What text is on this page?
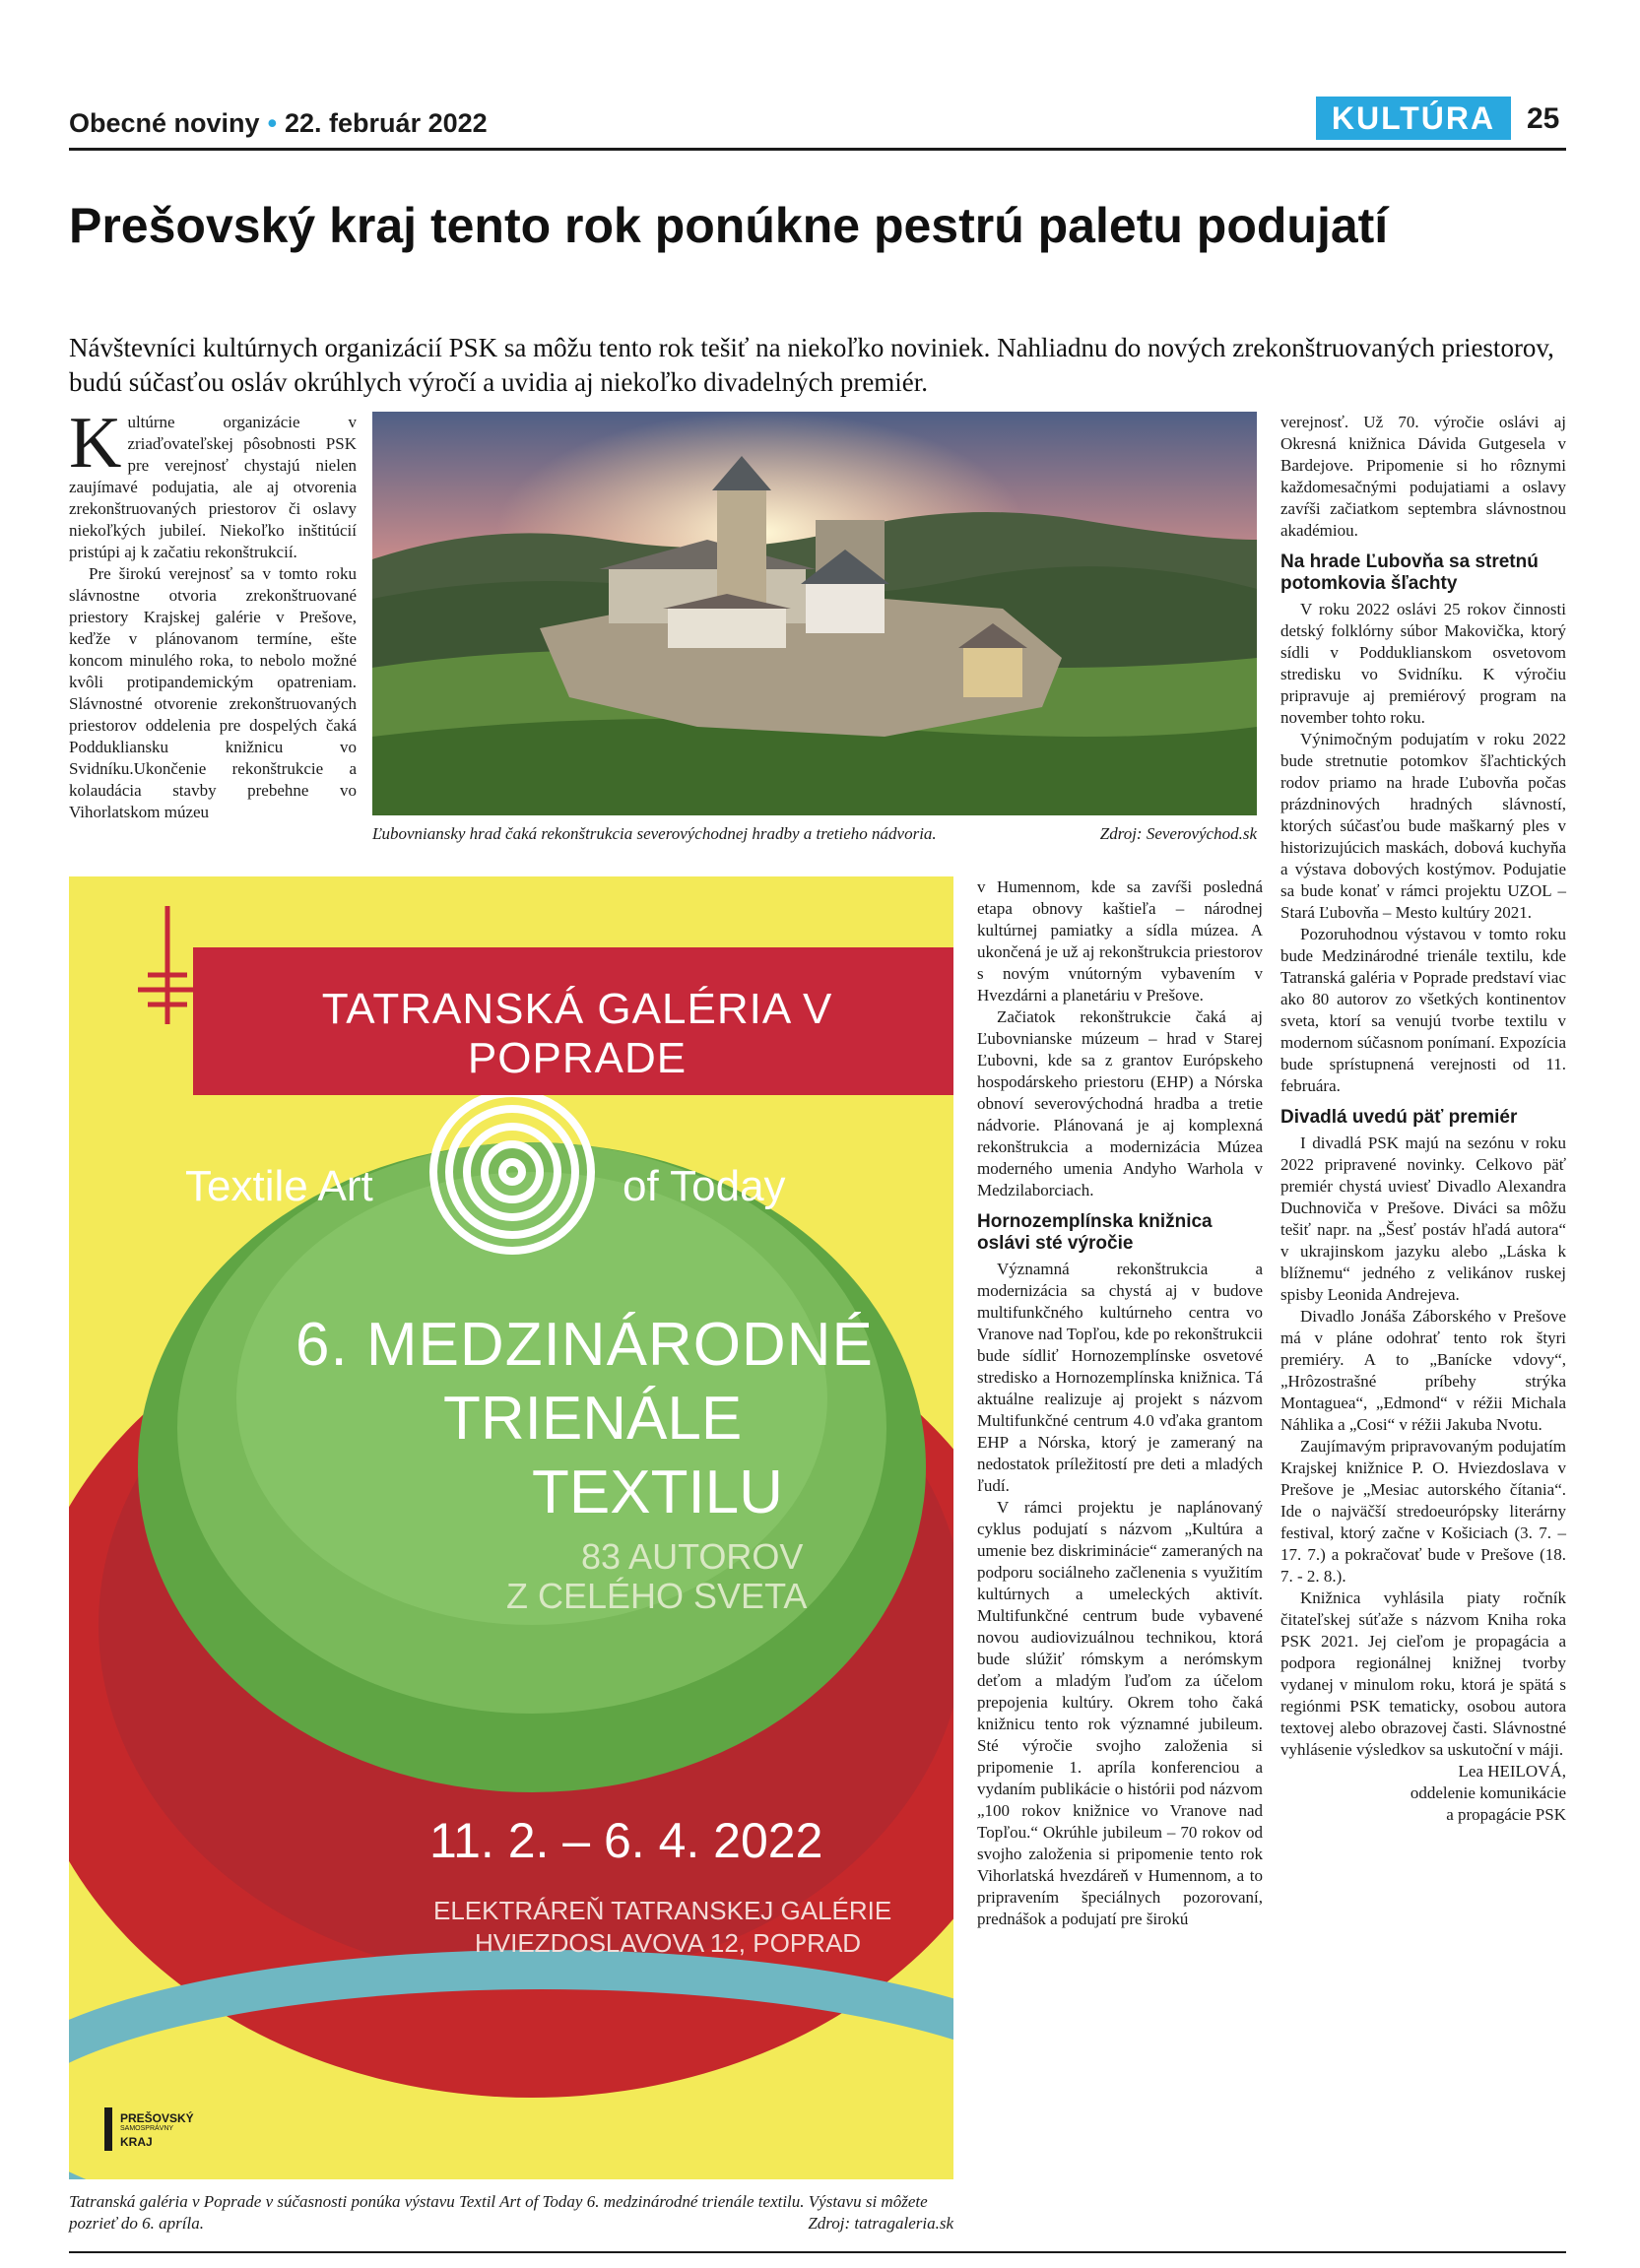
Obecné noviny • 22. február 2022	KULTÚRA	25
Prešovský kraj tento rok ponúkne pestrú paletu podujatí
Návštevníci kultúrnych organizácií PSK sa môžu tento rok tešiť na niekoľko noviniek. Nahliadnu do nových zrekonštruovaných priestorov, budú súčasťou osláv okrúhlych výročí a uvidia aj niekoľko divadelných premiér.

Kultúrne organizácie v zriaďovateľskej pôsobnosti PSK pre verejnosť chystajú nielen zaujímavé podujatia, ale aj otvorenia zrekonštruovaných priestorov či oslavy niekoľkých jubileí. Niekoľko inštitúcií pristúpi aj k začatiu rekonštrukcií.

Pre širokú verejnosť sa v tomto roku slávnostne otvoria zrekonštruované priestory Krajskej galérie v Prešove, keďže v plánovanom termíne, ešte koncom minulého roka, to nebolo možné kvôli protipandemickým opatreniam. Slávnostné otvorenie zrekonštruovaných priestorov oddelenia pre dospelých čaká Poddukliansku knižnicu vo Svidníku.Ukončenie rekonštrukcie a kolaudácia stavby prebehne vo Vihorlatskom múzeu

Ľubovniansky hrad čaká rekonštrukcia severovýchodnej hradby a tretieho nádvoria.	Zdroj: Severovýchod.sk

verejnosť. Už 70. výročie oslávi aj Okresná knižnica Dávida Gutgesela v Bardejove. Pripomenie si ho rôznymi každomesačnými podujatiami a oslavy zavŕši začiatkom septembra slávnostnou akadémiou.

Na hrade Ľubovňa sa stretnú potomkovia šľachty

V roku 2022 oslávi 25 rokov činnosti detský folklórny súbor Makovička, ktorý sídli v Podduklianskom osvetovom stredisku vo Svidníku. K výročiu pripravuje aj premiérový program na november tohto roku.

Výnimočným podujatím v roku 2022 bude stretnutie potomkov šľachtických rodov priamo na hrade Ľubovňa počas prázdninových hradných slávností, ktorých súčasťou bude maškarný ples v historizujúcich maskách, dobová kuchyňa a výstava dobových kostýmov. Podujatie sa bude konať v rámci projektu UZOL – Stará Ľubovňa – Mesto kultúry 2021.

Pozoruhodnou výstavou v tomto roku bude Medzinárodné trienále textilu, kde Tatranská galéria v Poprade predstaví viac ako 80 autorov zo všetkých kontinentov sveta, ktorí sa venujú tvorbe textilu v modernom súčasnom ponímaní. Expozícia bude sprístupnená verejnosti od 11. februára.

Divadlá uvedú päť premiér

I divadlá PSK majú na sezónu v roku 2022 pripravené novinky. Celkovo päť premiér chystá uviesť Divadlo Alexandra Duchnoviča v Prešove. Diváci sa môžu tešiť napr. na „Šesť postáv hľadá autora“ v ukrajinskom jazyku alebo „Láska k blížnemu“ jedného z velikánov ruskej spisby Leonida Andrejeva.

Divadlo Jonáša Záborského v Prešove má v pláne odohrať tento rok štyri premiéry. A to „Banícke vdovy“, „Hrôzostrašné príbehy strýka Montaguea“, „Edmond“ v réžii Michala Náhlika a „Cosi“ v réžii Jakuba Nvotu.

Zaujímavým pripravovaným podujatím Krajskej knižnice P. O. Hviezdoslava v Prešove je „Mesiac autorského čítania“. Ide o najväčší stredoeurópsky literárny festival, ktorý začne v Košiciach (3. 7. – 17. 7.) a pokračovať bude v Prešove (18. 7. - 2. 8.).

Knižnica vyhlásila piaty ročník čitateľskej súťaže s názvom Kniha roka PSK 2021. Jej cieľom je propagácia a podpora regionálnej knižnej tvorby vydanej v minulom roku, ktorá je spätá s regiónmi PSK tematicky, osobou autora textovej alebo obrazovej časti. Slávnostné vyhlásenie výsledkov sa uskutoční v máji.

Lea HEILOVÁ,

oddelenie komunikácie

a propagácie PSK

TATRANSKÁ GALÉRIA V POPRADE
Textile Art	of Today
6. MEDZINÁRODNÉ
TRIENÁLE
TEXTILU
83 AUTOROV
Z CELÉHO SVETA
11. 2. – 6. 4. 2022
ELEKTRÁREŇ TATRANSKEJ GALÉRIE
HVIEZDOSLAVOVA 12, POPRAD
PREŠOVSKÝ
SAMOSPRÁVNY
KRAJ
Tatranská galéria v Poprade v súčasnosti ponúka výstavu Textil Art of Today 6. medzinárodné trienále textilu. Výstavu si môžete pozrieť do 6. apríla.	Zdroj: tatragaleria.sk

v Humennom, kde sa zavŕši posledná etapa obnovy kaštieľa – národnej kultúrnej pamiatky a sídla múzea. A ukončená je už aj rekonštrukcia priestorov s novým vnútorným vybavením v Hvezdárni a planetáriu v Prešove.

Začiatok rekonštrukcie čaká aj Ľubovnianske múzeum – hrad v Starej Ľubovni, kde sa z grantov Európskeho hospodárskeho priestoru (EHP) a Nórska obnoví severovýchodná hradba a tretie nádvorie. Plánovaná je aj komplexná rekonštrukcia a modernizácia Múzea moderného umenia Andyho Warhola v Medzilaborciach.

Hornozemplínska knižnica oslávi sté výročie

Významná rekonštrukcia a modernizácia sa chystá aj v budove multifunkčného kultúrneho centra vo Vranove nad Topľou, kde po rekonštrukcii bude sídliť Hornozemplínske osvetové stredisko a Hornozemplínska knižnica. Tá aktuálne realizuje aj projekt s názvom Multifunkčné centrum 4.0 vďaka grantom EHP a Nórska, ktorý je zameraný na nedostatok príležitostí pre deti a mladých ľudí.

V rámci projektu je naplánovaný cyklus podujatí s názvom „Kultúra a umenie bez diskriminácie“ zameraných na podporu sociálneho začlenenia s využitím kultúrnych a umeleckých aktivít. Multifunkčné centrum bude vybavené novou audiovizuálnou technikou, ktorá bude slúžiť rómskym a nerómskym deťom a mladým ľuďom za účelom prepojenia kultúry. Okrem toho čaká knižnicu tento rok významné jubileum. Sté výročie svojho založenia si pripomenie 1. apríla konferenciou a vydaním publikácie o histórii pod názvom „100 rokov knižnice vo Vranove nad Topľou.“ Okrúhle jubileum – 70 rokov od svojho založenia si pripomenie tento rok Vihorlatská hvezdáreň v Humennom, a to pripravením špeciálnych pozorovaní, prednášok a podujatí pre širokú
